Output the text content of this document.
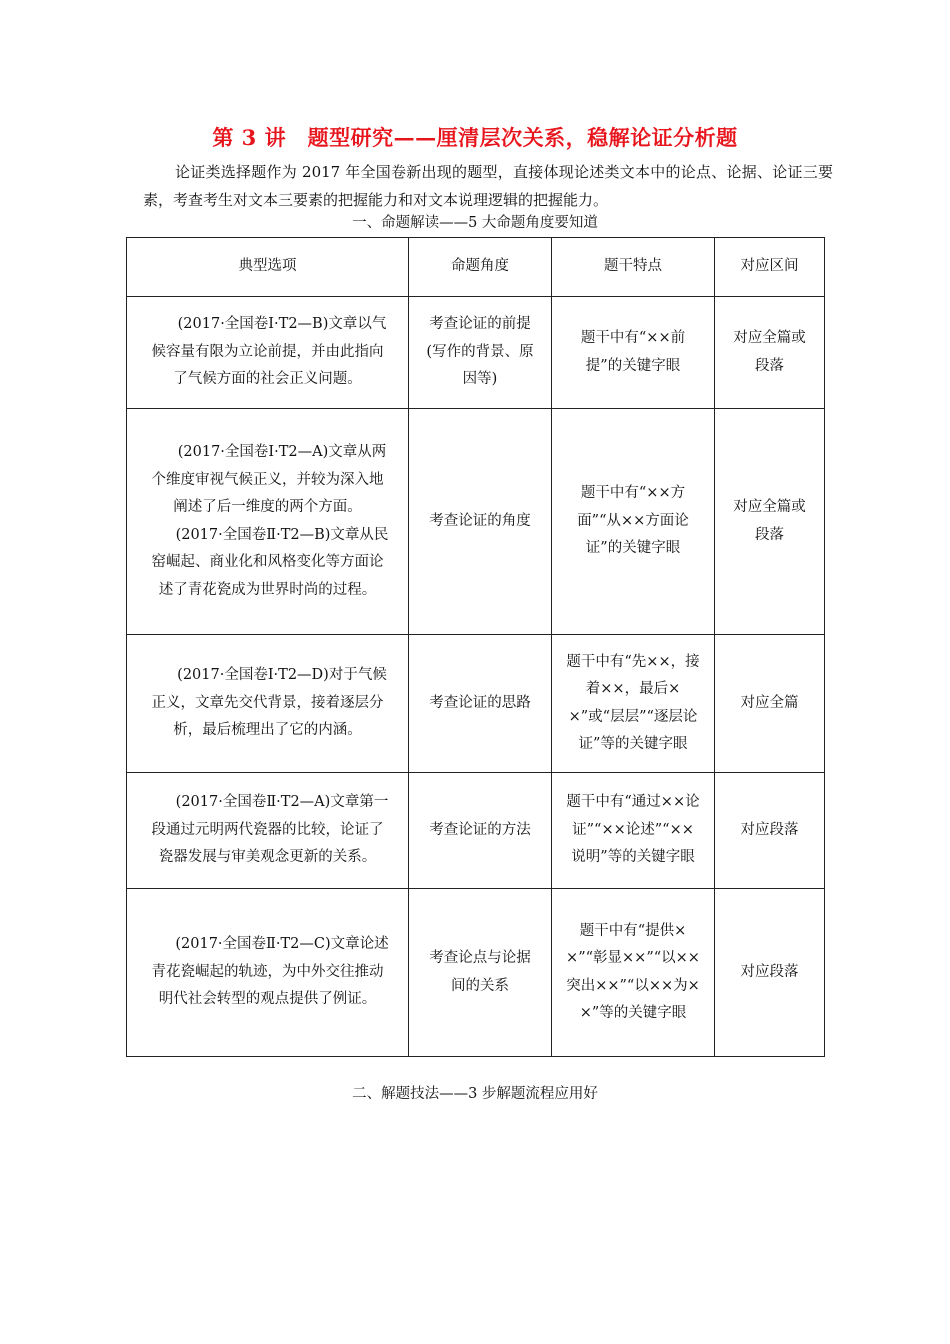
第 3 讲　题型研究——厘清层次关系，稳解论证分析题
论证类选择题作为 2017 年全国卷新出现的题型，直接体现论述类文本中的论点、论据、论证三要素，考查考生对文本三要素的把握能力和对文本说理逻辑的把握能力。
一、命题解读——5 大命题角度要知道
典型选项	命题角度	题干特点	对应区间

(2017·全国卷Ⅰ·T2—B)文章以气候容量有限为立论前提，并由此指向了气候方面的社会正义问题。	考查论证的前提(写作的背景、原因等)	题干中有“××前提”的关键字眼	对应全篇或段落

(2017·全国卷Ⅰ·T2—A)文章从两个维度审视气候正义，并较为深入地阐述了后一维度的两个方面。
(2017·全国卷Ⅱ·T2—B)文章从民窑崛起、商业化和风格变化等方面论述了青花瓷成为世界时尚的过程。	考查论证的角度	题干中有“××方面”“从××方面论证”的关键字眼	对应全篇或段落

(2017·全国卷Ⅰ·T2—D)对于气候正义，文章先交代背景，接着逐层分析，最后梳理出了它的内涵。	考查论证的思路	题干中有“先××，接着××，最后××”或“层层”“逐层论证”等的关键字眼	对应全篇

(2017·全国卷Ⅱ·T2—A)文章第一段通过元明两代瓷器的比较，论证了瓷器发展与审美观念更新的关系。	考查论证的方法	题干中有“通过××论证”“××论述”“××说明”等的关键字眼	对应段落

(2017·全国卷Ⅱ·T2—C)文章论述青花瓷崛起的轨迹，为中外交往推动明代社会转型的观点提供了例证。	考查论点与论据间的关系	题干中有“提供××”“彰显××”“以××突出××”“以××为××”等的关键字眼	对应段落
二、解题技法——3 步解题流程应用好
